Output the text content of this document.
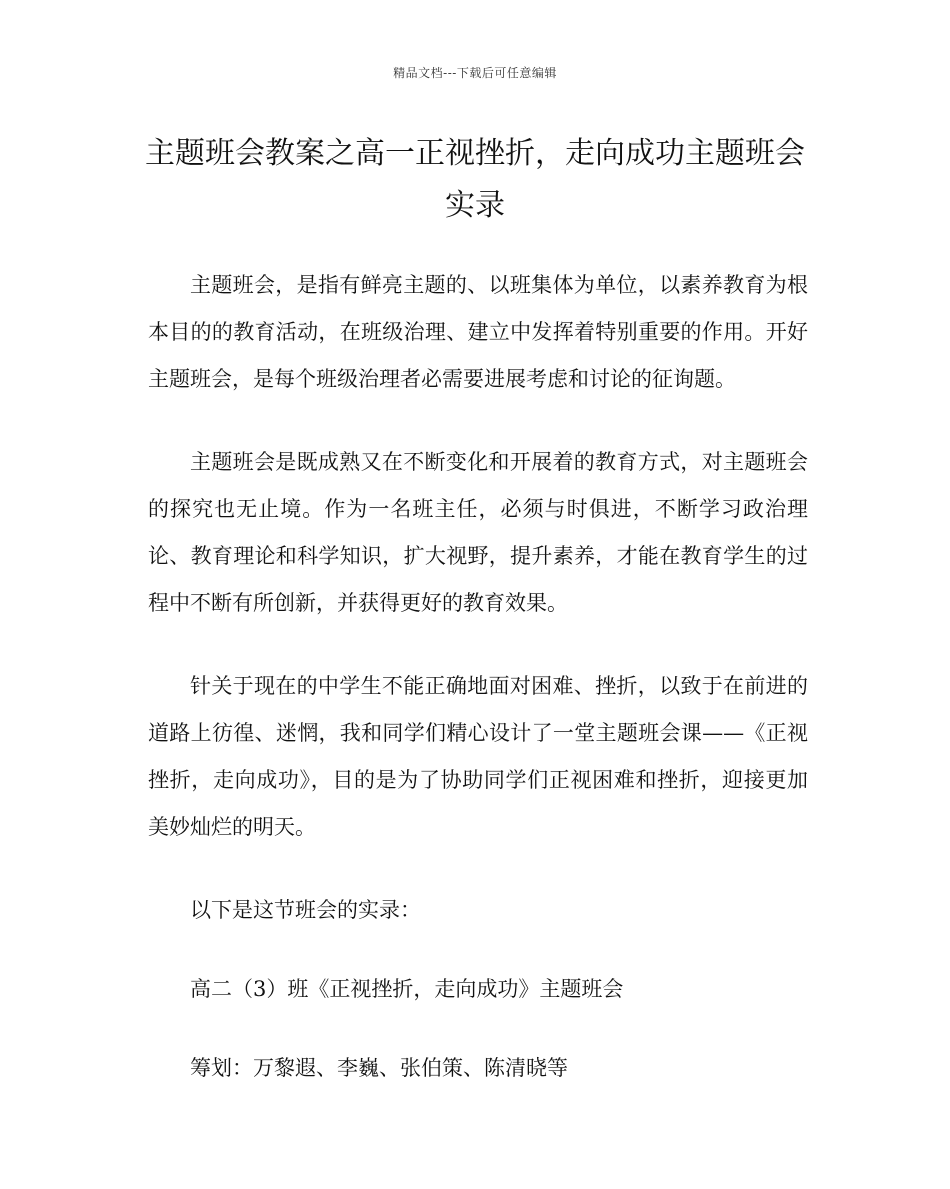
精品文档---下载后可任意编辑
主题班会教案之高一正视挫折，走向成功主题班会实录

主题班会，是指有鲜亮主题的、以班集体为单位，以素养教育为根本目的的教育活动，在班级治理、建立中发挥着特别重要的作用。开好主题班会，是每个班级治理者必需要进展考虑和讨论的征询题。

主题班会是既成熟又在不断变化和开展着的教育方式，对主题班会的探究也无止境。作为一名班主任，必须与时俱进，不断学习政治理论、教育理论和科学知识，扩大视野，提升素养，才能在教育学生的过程中不断有所创新，并获得更好的教育效果。

针关于现在的中学生不能正确地面对困难、挫折，以致于在前进的道路上彷徨、迷惘，我和同学们精心设计了一堂主题班会课——《正视挫折，走向成功》，目的是为了协助同学们正视困难和挫折，迎接更加美妙灿烂的明天。

以下是这节班会的实录：

高二（3）班《正视挫折，走向成功》主题班会

筹划：万黎遐、李巍、张伯策、陈清晓等
